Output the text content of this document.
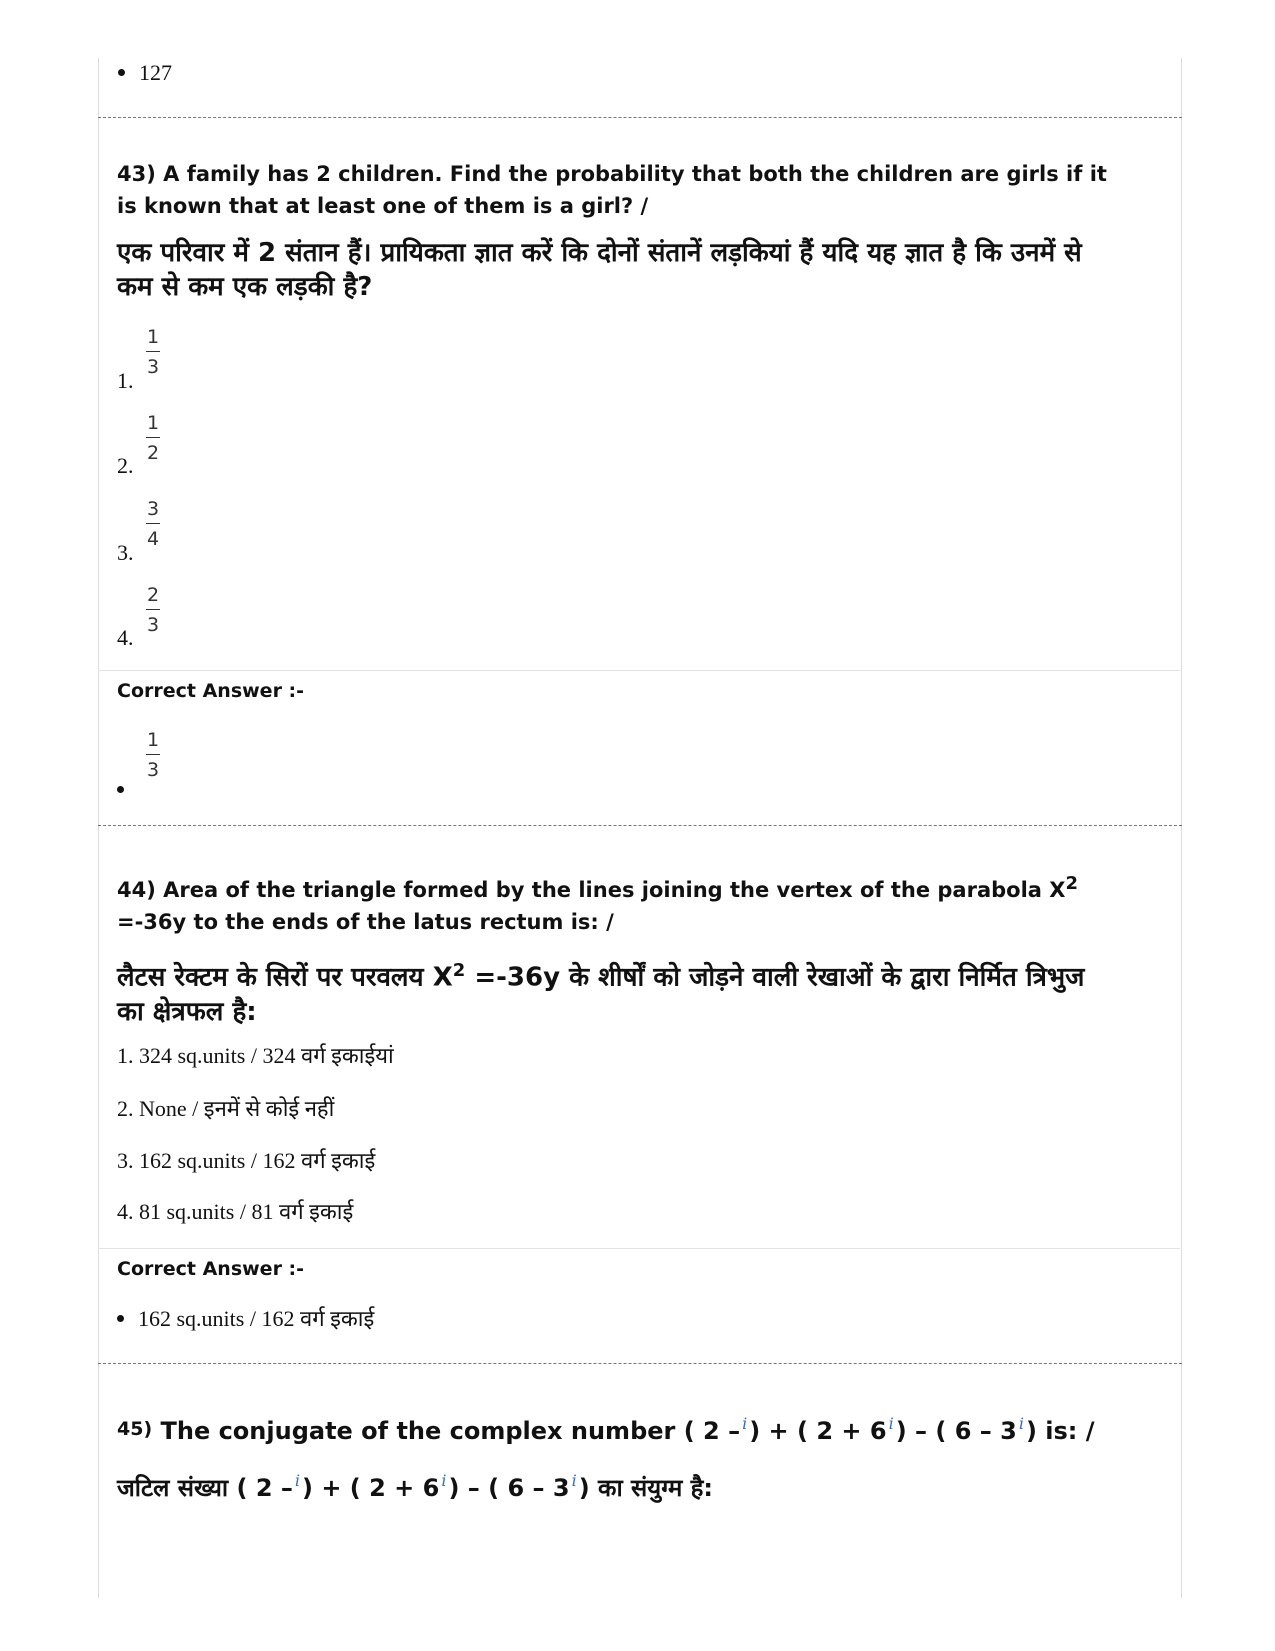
127
43) A family has 2 children. Find the probability that both the children are girls if it is known that at least one of them is a girl? /
एक परिवार में 2 संतान हैं। प्रायिकता ज्ञात करें कि दोनों संतानें लड़कियां हैं यदि यह ज्ञात है कि उनमें से कम से कम एक लड़की है?
1.
1
3
2.
1
2
3.
3
4
4.
2
3
Correct Answer :-
1
3
44) Area of the triangle formed by the lines joining the vertex of the parabola $X^2 =-36y$ to the ends of the latus rectum is: /
लैटस रेक्टम के सिरों पर परवलय $X^2 =-36y$ के शीर्षों को जोड़ने वाली रेखाओं के द्वारा निर्मित त्रिभुज का क्षेत्रफल है:
1. 324 sq.units / 324 वर्ग इकाईयां
2. None / इनमें से कोई नहीं
3. 162 sq.units / 162 वर्ग इकाई
4. 81 sq.units / 81 वर्ग इकाई
Correct Answer :-
162 sq.units / 162 वर्ग इकाई
45) The conjugate of the complex number ( 2 – $^i$) + ( 2 + 6 $^i$) – ( 6 – 3 $^i$) is: /
जटिल संख्या ( 2 – $^i$) + ( 2 + 6 $^i$) – ( 6 – 3 $^i$) का संयुग्म है:
